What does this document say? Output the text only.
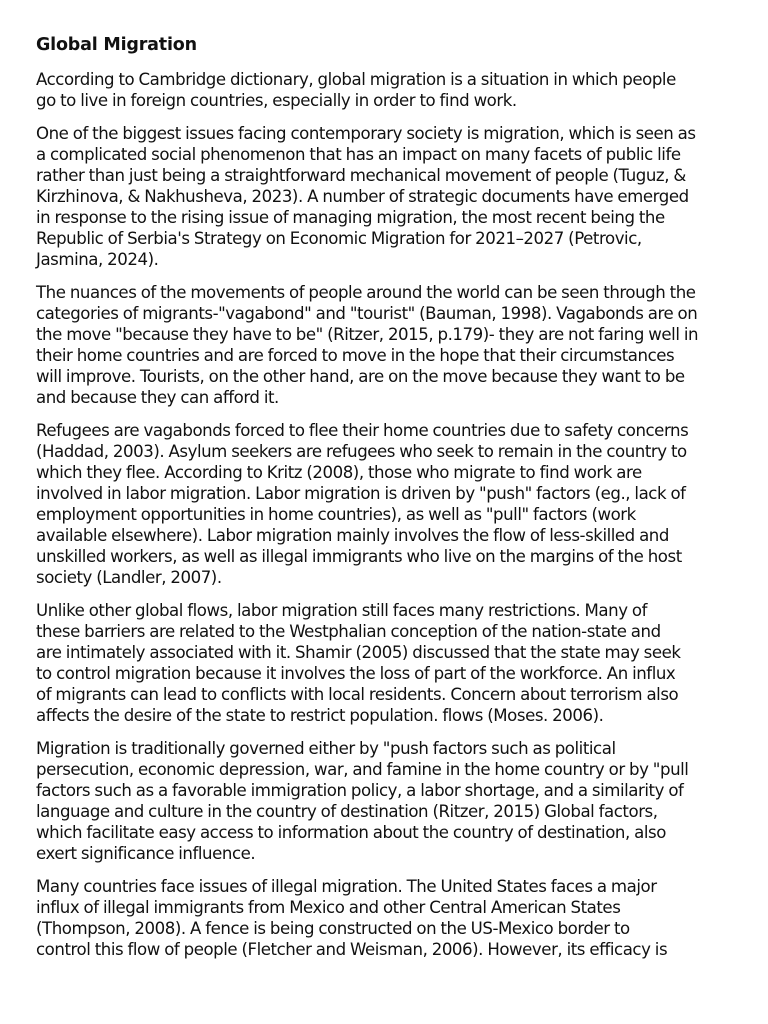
Global Migration

According to Cambridge dictionary, global migration is a situation in which people
go to live in foreign countries, especially in order to find work.

One of the biggest issues facing contemporary society is migration, which is seen as
a complicated social phenomenon that has an impact on many facets of public life
rather than just being a straightforward mechanical movement of people (Tuguz, &
Kirzhinova, & Nakhusheva, 2023). A number of strategic documents have emerged
in response to the rising issue of managing migration, the most recent being the
Republic of Serbia's Strategy on Economic Migration for 2021–2027 (Petrovic,
Jasmina, 2024).

The nuances of the movements of people around the world can be seen through the
categories of migrants-"vagabond" and "tourist" (Bauman, 1998). Vagabonds are on
the move "because they have to be" (Ritzer, 2015, p.179)- they are not faring well in
their home countries and are forced to move in the hope that their circumstances
will improve. Tourists, on the other hand, are on the move because they want to be
and because they can afford it.

Refugees are vagabonds forced to flee their home countries due to safety concerns
(Haddad, 2003). Asylum seekers are refugees who seek to remain in the country to
which they flee. According to Kritz (2008), those who migrate to find work are
involved in labor migration. Labor migration is driven by "push" factors (eg., lack of
employment opportunities in home countries), as well as "pull" factors (work
available elsewhere). Labor migration mainly involves the flow of less-skilled and
unskilled workers, as well as illegal immigrants who live on the margins of the host
society (Landler, 2007).

Unlike other global flows, labor migration still faces many restrictions. Many of
these barriers are related to the Westphalian conception of the nation-state and
are intimately associated with it. Shamir (2005) discussed that the state may seek
to control migration because it involves the loss of part of the workforce. An influx
of migrants can lead to conflicts with local residents. Concern about terrorism also
affects the desire of the state to restrict population. flows (Moses. 2006).

Migration is traditionally governed either by "push factors such as political
persecution, economic depression, war, and famine in the home country or by "pull
factors such as a favorable immigration policy, a labor shortage, and a similarity of
language and culture in the country of destination (Ritzer, 2015) Global factors,
which facilitate easy access to information about the country of destination, also
exert significance influence.

Many countries face issues of illegal migration. The United States faces a major
influx of illegal immigrants from Mexico and other Central American States
(Thompson, 2008). A fence is being constructed on the US-Mexico border to
control this flow of people (Fletcher and Weisman, 2006). However, its efficacy is
